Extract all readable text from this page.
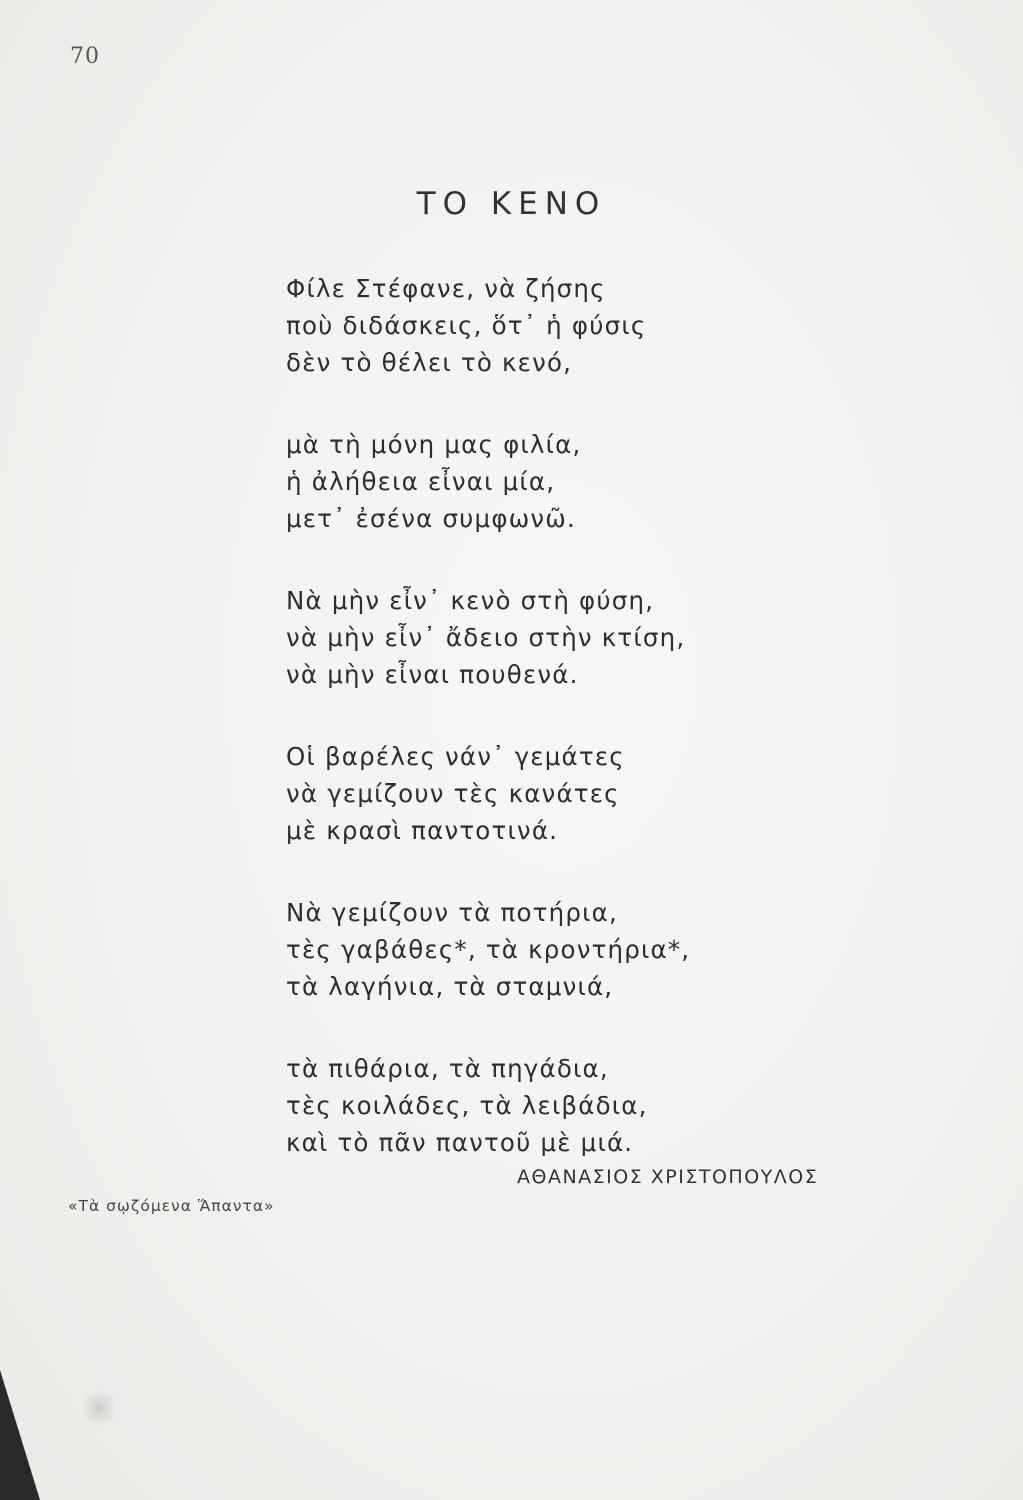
70
ΤΟ ΚΕΝΟ
Φίλε Στέφανε, νὰ ζήσης
ποὺ διδάσκεις, ὅτ᾽ ἡ φύσις
δὲν τὸ θέλει τὸ κενό,
μὰ τὴ μόνη μας φιλία,
ἡ ἀλήθεια εἶναι μία,
μετ᾽ ἐσένα συμφωνῶ.
Νὰ μὴν εἶν᾽ κενὸ στὴ φύση,
νὰ μὴν εἶν᾽ ἄδειο στὴν κτίση,
νὰ μὴν εἶναι πουθενά.
Οἱ βαρέλες νάν᾽ γεμάτες
νὰ γεμίζουν τὲς κανάτες
μὲ κρασὶ παντοτινά.
Νὰ γεμίζουν τὰ ποτήρια,
τὲς γαβάθες*, τὰ κροντήρια*,
τὰ λαγήνια, τὰ σταμνιά,
τὰ πιθάρια, τὰ πηγάδια,
τὲς κοιλάδες, τὰ λειβάδια,
καὶ τὸ πᾶν παντοῦ μὲ μιά.
ΑΘΑΝΑΣΙΟΣ ΧΡΙΣΤΟΠΟΥΛΟΣ
«Τὰ σῳζόμενα Ἅπαντα»
